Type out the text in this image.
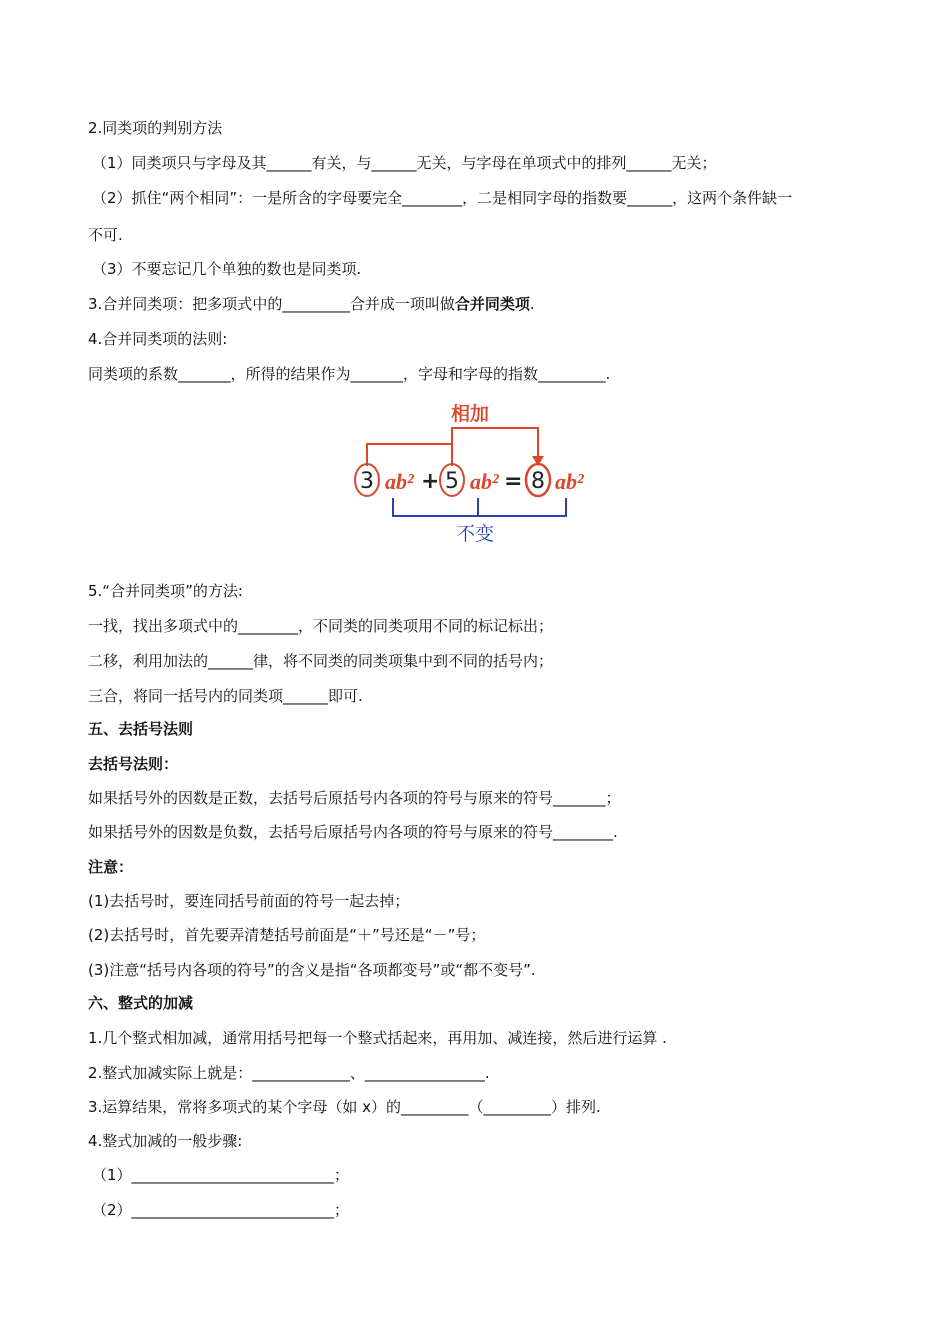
2.同类项的判别方法
（1）同类项只与字母及其______有关，与______无关，与字母在单项式中的排列______无关；
（2）抓住“两个相同”：一是所含的字母要完全________，二是相同字母的指数要______，这两个条件缺一
不可.
（3）不要忘记几个单独的数也是同类项.
3.合并同类项：把多项式中的_________合并成一项叫做合并同类项.
4.合并同类项的法则:
同类项的系数_______，所得的结果作为_______，字母和字母的指数_________.
相加
3 ab² + 5 ab² = 8 ab²
不变
5.“合并同类项”的方法:
一找，找出多项式中的________，不同类的同类项用不同的标记标出；
二移，利用加法的______律，将不同类的同类项集中到不同的括号内；
三合，将同一括号内的同类项______即可.
五、去括号法则
去括号法则：
如果括号外的因数是正数，去括号后原括号内各项的符号与原来的符号_______；
如果括号外的因数是负数，去括号后原括号内各项的符号与原来的符号________.
注意：
(1)去括号时，要连同括号前面的符号一起去掉；
(2)去括号时，首先要弄清楚括号前面是“＋”号还是“－”号；
(3)注意“括号内各项的符号”的含义是指“各项都变号”或“都不变号”.
六、整式的加减
1.几个整式相加减，通常用括号把每一个整式括起来，再用加、减连接，然后进行运算 .
2.整式加减实际上就是：_____________、________________.
3.运算结果，常将多项式的某个字母（如 x）的_________（_________）排列.
4.整式加减的一般步骤:
（1）___________________________；
（2）___________________________；
